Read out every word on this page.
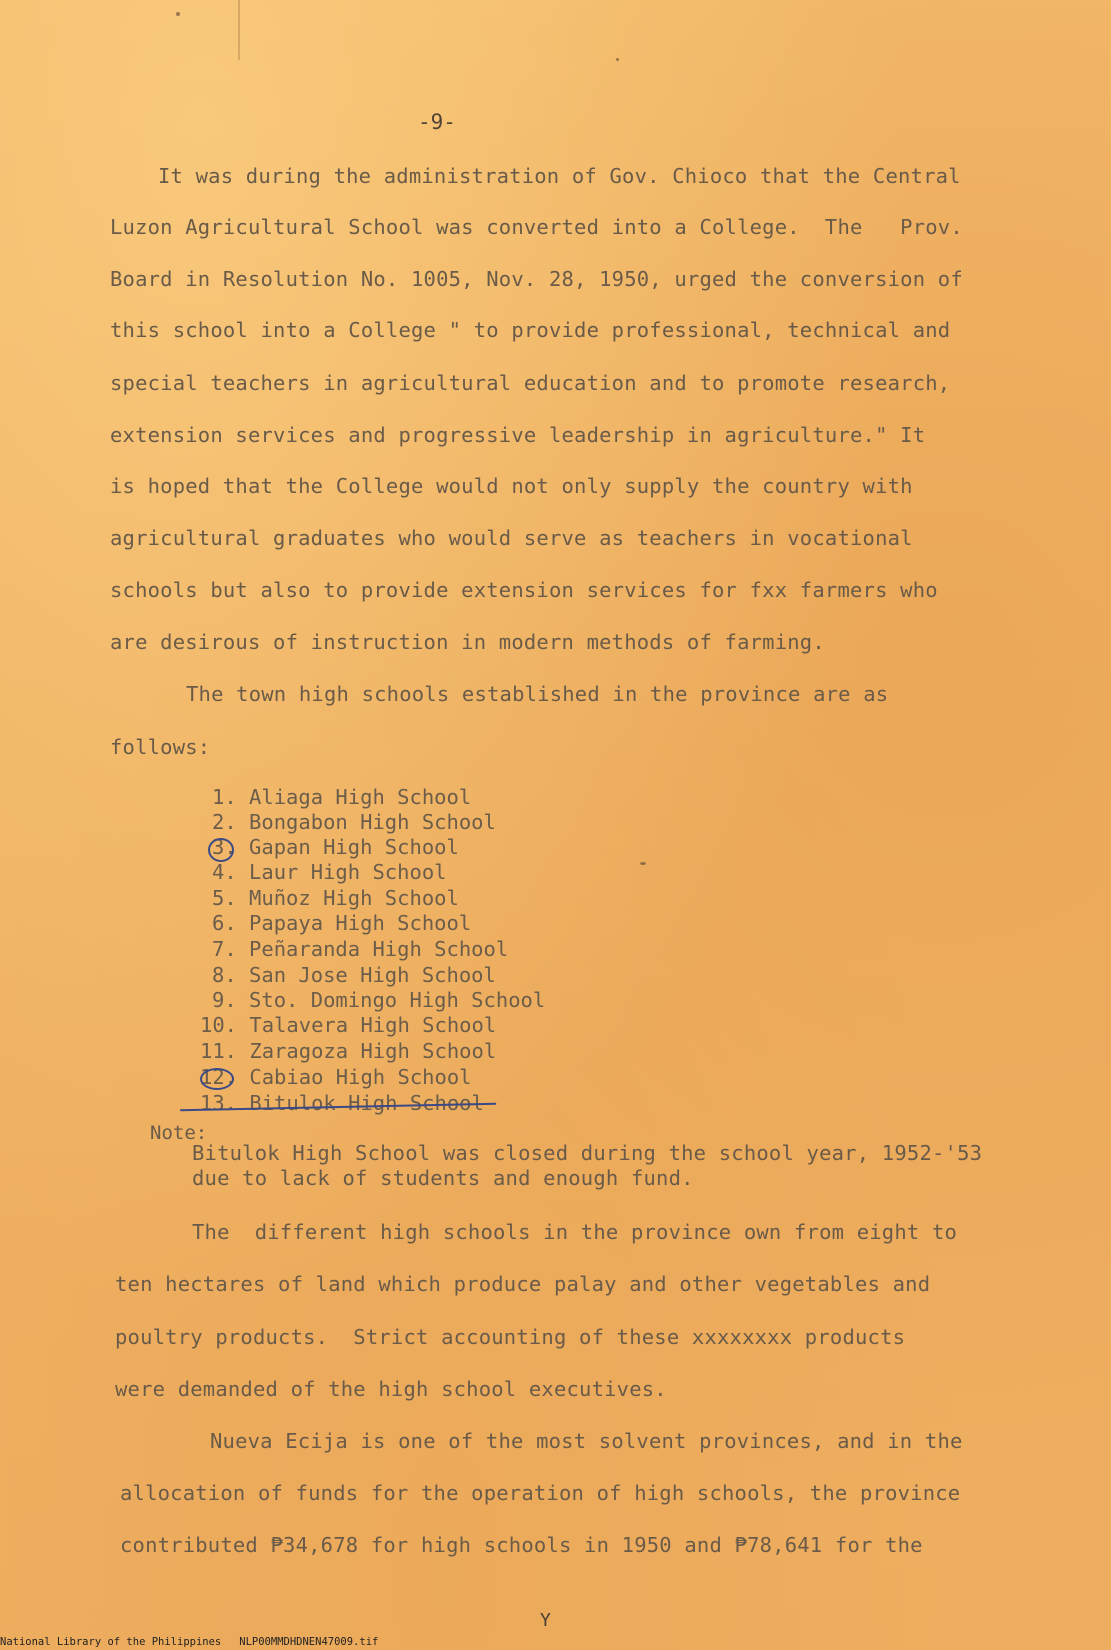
-9-
It was during the administration of Gov. Chioco that the Central
Luzon Agricultural School was converted into a College.  The   Prov.
Board in Resolution No. 1005, Nov. 28, 1950, urged the conversion of
this school into a College " to provide professional, technical and
special teachers in agricultural education and to promote research,
extension services and progressive leadership in agriculture." It
is hoped that the College would not only supply the country with
agricultural graduates who would serve as teachers in vocational
schools but also to provide extension services for fxx farmers who
are desirous of instruction in modern methods of farming.
The town high schools established in the province are as
follows:
1. Aliaga High School
2. Bongabon High School
3. Gapan High School
4. Laur High School
5. Muñoz High School
6. Papaya High School
7. Peñaranda High School
8. San Jose High School
9. Sto. Domingo High School
10. Talavera High School
11. Zaragoza High School
12. Cabiao High School
13. Bitulok High School
Note:
Bitulok High School was closed during the school year, 1952-'53
due to lack of students and enough fund.
The  different high schools in the province own from eight to
ten hectares of land which produce palay and other vegetables and
poultry products.  Strict accounting of these xxxxxxxx products
were demanded of the high school executives.
Nueva Ecija is one of the most solvent provinces, and in the
allocation of funds for the operation of high schools, the province
contributed ₱34,678 for high schools in 1950 and ₱78,641 for the
Y
National Library of the Philippines NLP00MMDHDNEN47009.tif
